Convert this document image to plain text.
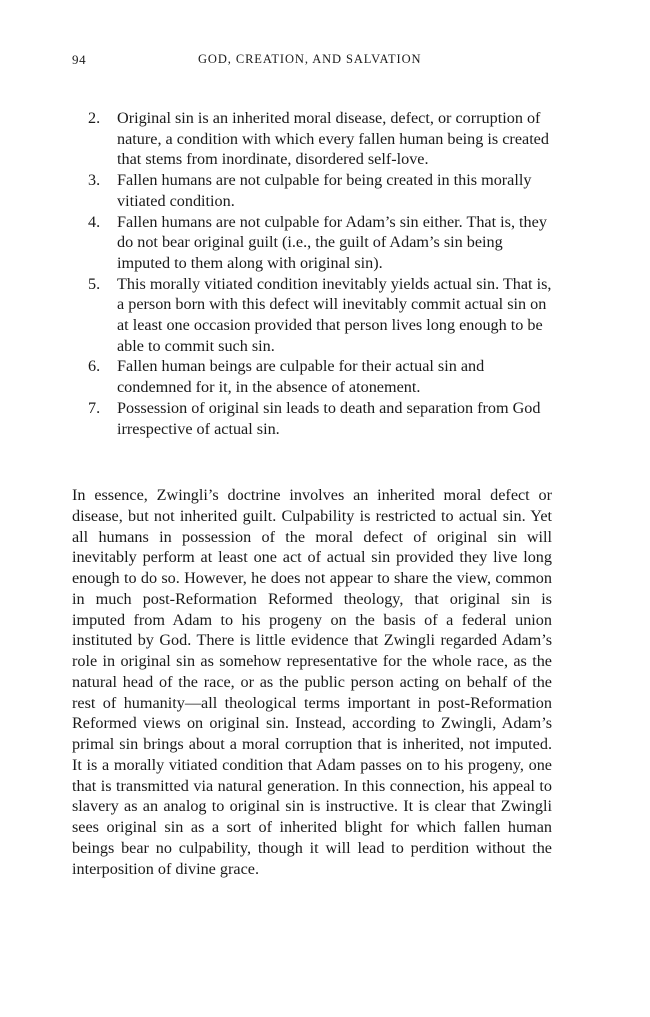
94	GOD, CREATION, AND SALVATION
2. Original sin is an inherited moral disease, defect, or corruption of nature, a condition with which every fallen human being is created that stems from inordinate, disordered self-love.
3. Fallen humans are not culpable for being created in this morally vitiated condition.
4. Fallen humans are not culpable for Adam’s sin either. That is, they do not bear original guilt (i.e., the guilt of Adam’s sin being imputed to them along with original sin).
5. This morally vitiated condition inevitably yields actual sin. That is, a person born with this defect will inevitably commit actual sin on at least one occasion provided that person lives long enough to be able to commit such sin.
6. Fallen human beings are culpable for their actual sin and condemned for it, in the absence of atonement.
7. Possession of original sin leads to death and separation from God irrespective of actual sin.

In essence, Zwingli’s doctrine involves an inherited moral defect or disease, but not inherited guilt. Culpability is restricted to actual sin. Yet all humans in possession of the moral defect of original sin will inevitably perform at least one act of actual sin provided they live long enough to do so. However, he does not appear to share the view, common in much post-Reformation Reformed theology, that original sin is imputed from Adam to his progeny on the basis of a federal union instituted by God. There is little evidence that Zwingli regarded Adam’s role in original sin as somehow representative for the whole race, as the natural head of the race, or as the public person acting on behalf of the rest of humanity—all theological terms important in post-Reformation Reformed views on original sin. Instead, according to Zwingli, Adam’s primal sin brings about a moral corruption that is inherited, not imputed. It is a morally vitiated condition that Adam passes on to his progeny, one that is transmitted via natural generation. In this connection, his appeal to slavery as an analog to original sin is instructive. It is clear that Zwingli sees original sin as a sort of inherited blight for which fallen human beings bear no culpability, though it will lead to perdition without the interposition of divine grace.
